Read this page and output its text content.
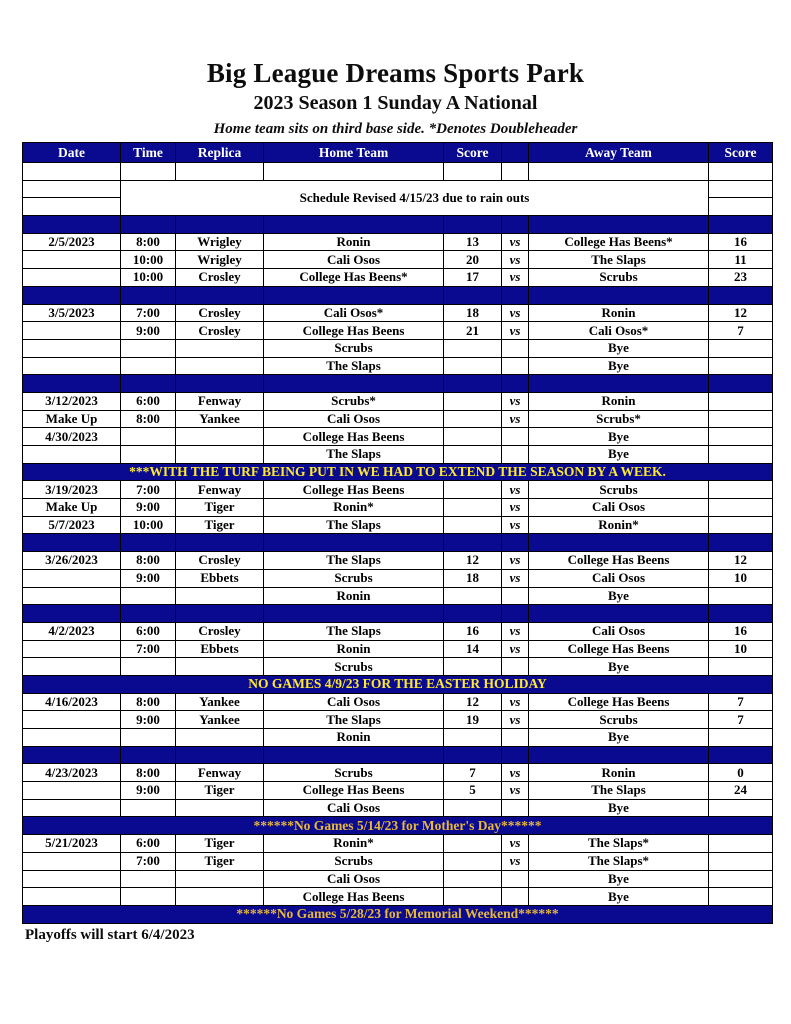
Big League Dreams Sports Park
2023 Season 1 Sunday A National
Home team sits on third base side. *Denotes Doubleheader
Date	Time	Replica	Home Team	Score		Away Team	Score

	Schedule Revised 4/15/23 due to rain outs						

2/5/2023	8:00	Wrigley	Ronin	13	vs	College Has Beens*	16
	10:00	Wrigley	Cali Osos	20	vs	The Slaps	11
	10:00	Crosley	College Has Beens*	17	vs	Scrubs	23

3/5/2023	7:00	Crosley	Cali Osos*	18	vs	Ronin	12
	9:00	Crosley	College Has Beens	21	vs	Cali Osos*	7
			Scrubs			Bye	
			The Slaps			Bye	

3/12/2023	6:00	Fenway	Scrubs*		vs	Ronin	
Make Up	8:00	Yankee	Cali Osos		vs	Scrubs*	
4/30/2023			College Has Beens			Bye	
			The Slaps			Bye	
***WITH THE TURF BEING PUT IN WE HAD TO EXTEND THE SEASON BY A WEEK.							
3/19/2023	7:00	Fenway	College Has Beens		vs	Scrubs	
Make Up	9:00	Tiger	Ronin*		vs	Cali Osos	
5/7/2023	10:00	Tiger	The Slaps		vs	Ronin*	

3/26/2023	8:00	Crosley	The Slaps	12	vs	College Has Beens	12
	9:00	Ebbets	Scrubs	18	vs	Cali Osos	10
			Ronin			Bye	

4/2/2023	6:00	Crosley	The Slaps	16	vs	Cali Osos	16
	7:00	Ebbets	Ronin	14	vs	College Has Beens	10
			Scrubs			Bye	
NO GAMES 4/9/23 FOR THE EASTER HOLIDAY							
4/16/2023	8:00	Yankee	Cali Osos	12	vs	College Has Beens	7
	9:00	Yankee	The Slaps	19	vs	Scrubs	7
			Ronin			Bye	

4/23/2023	8:00	Fenway	Scrubs	7	vs	Ronin	0
	9:00	Tiger	College Has Beens	5	vs	The Slaps	24
			Cali Osos			Bye	
******No Games 5/14/23 for Mother's Day******							
5/21/2023	6:00	Tiger	Ronin*		vs	The Slaps*	
	7:00	Tiger	Scrubs		vs	The Slaps*	
			Cali Osos			Bye	
			College Has Beens			Bye	
******No Games 5/28/23 for Memorial Weekend******							
Playoffs will start 6/4/2023
